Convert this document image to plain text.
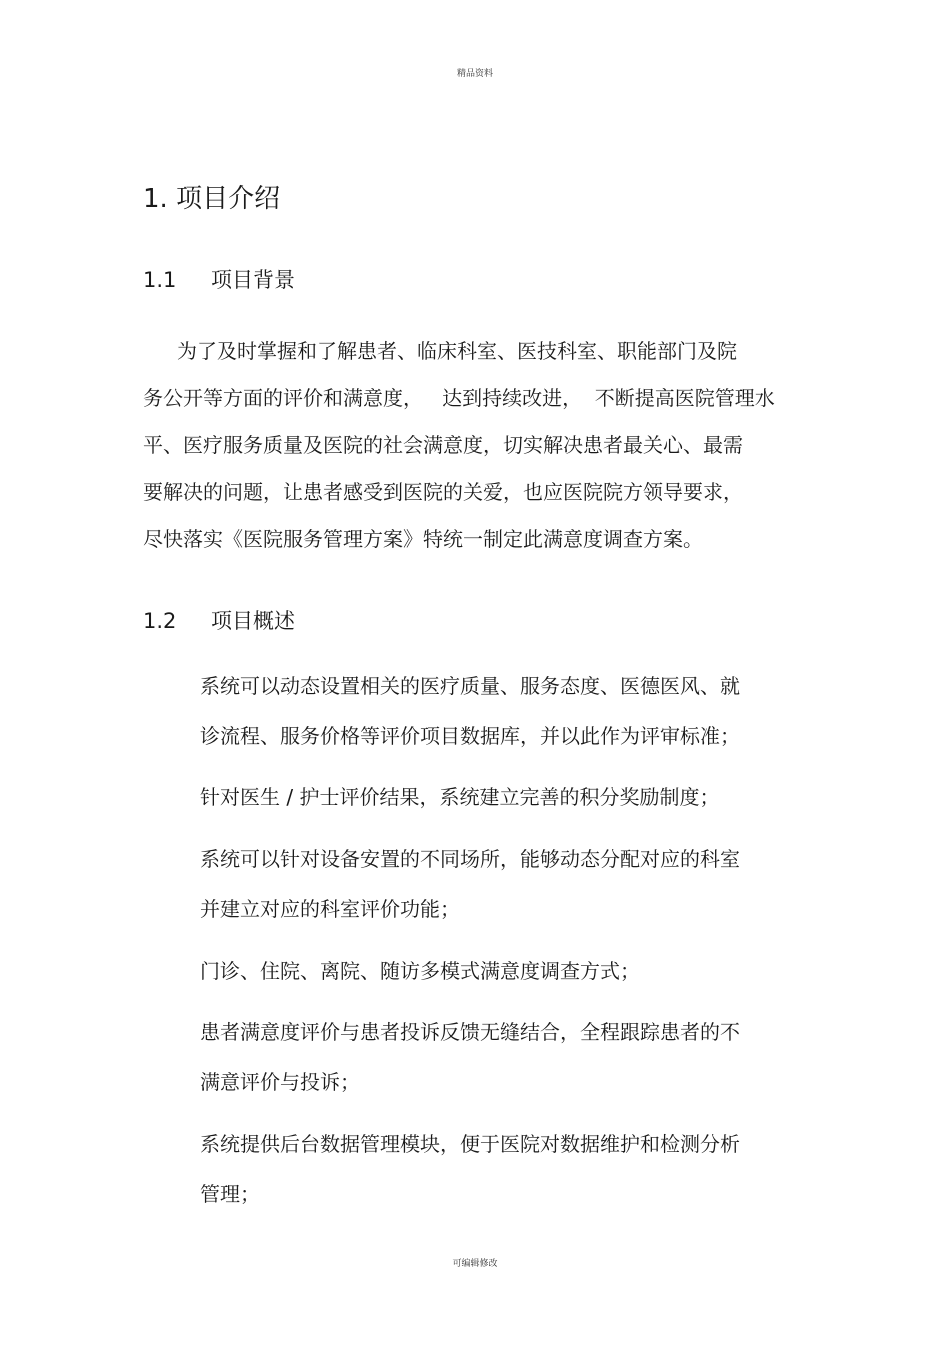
精品资料
1. 项目介绍
1.1 项目背景
为了及时掌握和了解患者、临床科室、医技科室、职能部门及院
务公开等方面的评价和满意度，   达到持续改进，  不断提高医院管理水
平、医疗服务质量及医院的社会满意度，切实解决患者最关心、最需
要解决的问题，让患者感受到医院的关爱，也应医院院方领导要求，
尽快落实《医院服务管理方案》特统一制定此满意度调查方案。
1.2 项目概述
系统可以动态设置相关的医疗质量、服务态度、医德医风、就
诊流程、服务价格等评价项目数据库，并以此作为评审标准；
针对医生 / 护士评价结果，系统建立完善的积分奖励制度；
系统可以针对设备安置的不同场所，能够动态分配对应的科室
并建立对应的科室评价功能；
门诊、住院、离院、随访多模式满意度调查方式；
患者满意度评价与患者投诉反馈无缝结合，全程跟踪患者的不
满意评价与投诉；
系统提供后台数据管理模块，便于医院对数据维护和检测分析
管理；
可编辑修改
